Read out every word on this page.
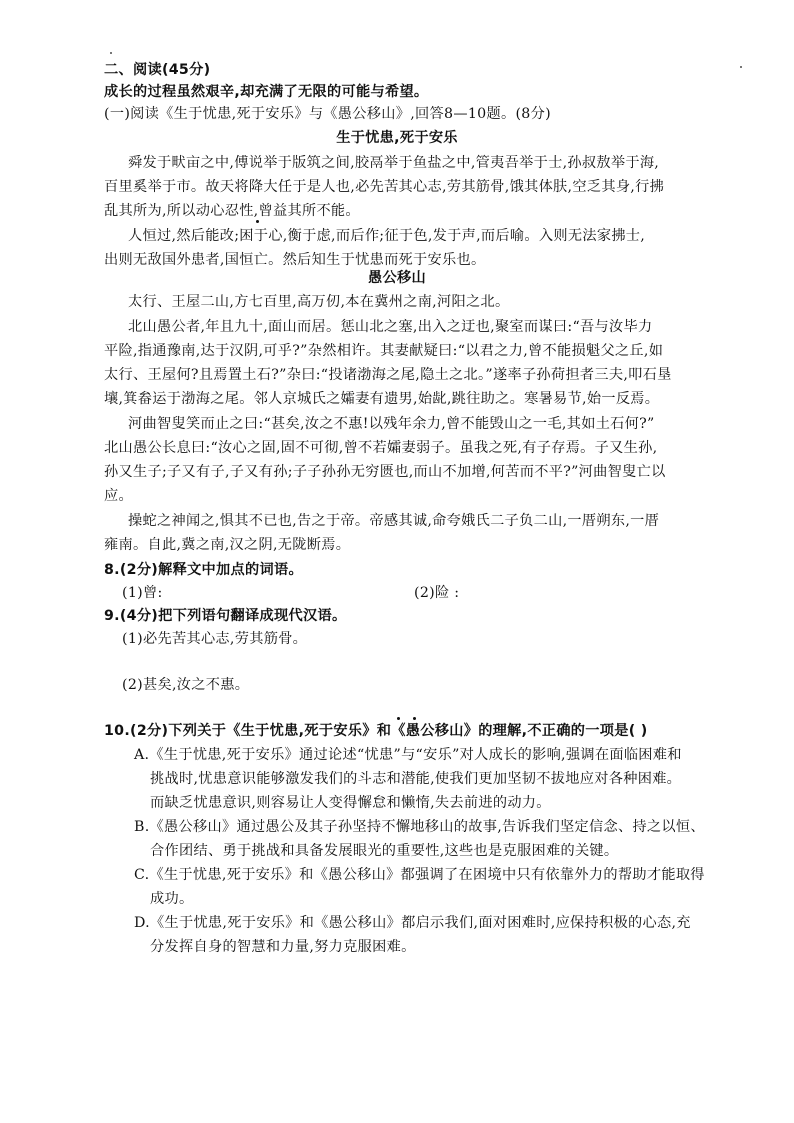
二、阅读(45分)
成长的过程虽然艰辛,却充满了无限的可能与希望。
(一)阅读《生于忧患,死于安乐》与《愚公移山》,回答8—10题。(8分)
生于忧患,死于安乐
舜发于畎亩之中,傅说举于版筑之间,胶鬲举于鱼盐之中,管夷吾举于士,孙叔敖举于海,
百里奚举于市。故天将降大任于是人也,必先苦其心志,劳其筋骨,饿其体肤,空乏其身,行拂
乱其所为,所以动心忍性,曾益其所不能。
人恒过,然后能改;困于心,衡于虑,而后作;征于色,发于声,而后喻。入则无法家拂士,
出则无敌国外患者,国恒亡。然后知生于忧患而死于安乐也。
愚公移山
太行、王屋二山,方七百里,高万仞,本在冀州之南,河阳之北。
北山愚公者,年且九十,面山而居。惩山北之塞,出入之迂也,聚室而谋曰:“吾与汝毕力
平险,指通豫南,达于汉阴,可乎?”杂然相许。其妻献疑曰:“以君之力,曾不能损魁父之丘,如
太行、王屋何?且焉置土石?”杂曰:“投诸渤海之尾,隐土之北。”遂率子孙荷担者三夫,叩石垦
壤,箕畚运于渤海之尾。邻人京城氏之孀妻有遗男,始龀,跳往助之。寒暑易节,始一反焉。
河曲智叟笑而止之曰:“甚矣,汝之不惠!以残年余力,曾不能毁山之一毛,其如土石何?”
北山愚公长息曰:“汝心之固,固不可彻,曾不若孀妻弱子。虽我之死,有子存焉。子又生孙,
孙又生子;子又有子,子又有孙;子子孙孙无穷匮也,而山不加增,何苦而不平?”河曲智叟亡以
应。
操蛇之神闻之,惧其不已也,告之于帝。帝感其诚,命夸娥氏二子负二山,一厝朔东,一厝
雍南。自此,冀之南,汉之阴,无陇断焉。
8.(2分)解释文中加点的词语。
(1)曾:	(2)险 :
9.(4分)把下列语句翻译成现代汉语。
(1)必先苦其心志,劳其筋骨。
(2)甚矣,汝之不惠。
10.(2分)下列关于《生于忧患,死于安乐》和《愚公移山》的理解,不正确的一项是( )
A.《生于忧患,死于安乐》通过论述“忧患”与“安乐”对人成长的影响,强调在面临困难和
挑战时,忧患意识能够激发我们的斗志和潜能,使我们更加坚韧不拔地应对各种困难。
而缺乏忧患意识,则容易让人变得懈怠和懒惰,失去前进的动力。
B.《愚公移山》通过愚公及其子孙坚持不懈地移山的故事,告诉我们坚定信念、持之以恒、
合作团结、勇于挑战和具备发展眼光的重要性,这些也是克服困难的关键。
C.《生于忧患,死于安乐》和《愚公移山》都强调了在困境中只有依靠外力的帮助才能取得
成功。
D.《生于忧患,死于安乐》和《愚公移山》都启示我们,面对困难时,应保持积极的心态,充
分发挥自身的智慧和力量,努力克服困难。
